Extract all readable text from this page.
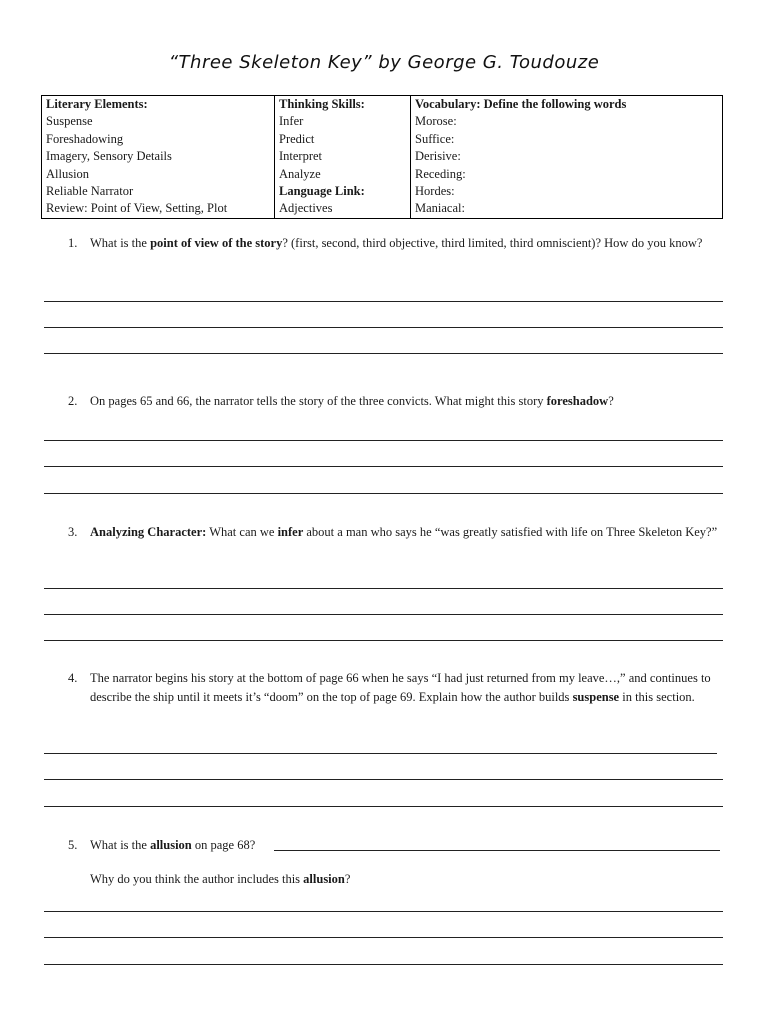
“Three Skeleton Key” by George G. Toudouze
Literary Elements:	Thinking Skills:	Vocabulary: Define the following words
Suspense	Infer	Morose:
Foreshadowing	Predict	Suffice:
Imagery, Sensory Details	Interpret	Derisive:
Allusion	Analyze	Receding:
Reliable Narrator	Language Link:	Hordes:
Review: Point of View, Setting, Plot	Adjectives	Maniacal:
1. What is the point of view of the story? (first, second, third objective, third limited, third omniscient)? How do you know?
2. On pages 65 and 66, the narrator tells the story of the three convicts. What might this story foreshadow?
3. Analyzing Character: What can we infer about a man who says he “was greatly satisfied with life on Three Skeleton Key?”
4. The narrator begins his story at the bottom of page 66 when he says “I had just returned from my leave…,” and continues to describe the ship until it meets it’s “doom” on the top of page 69. Explain how the author builds suspense in this section.
5. What is the allusion on page 68?
Why do you think the author includes this allusion?
